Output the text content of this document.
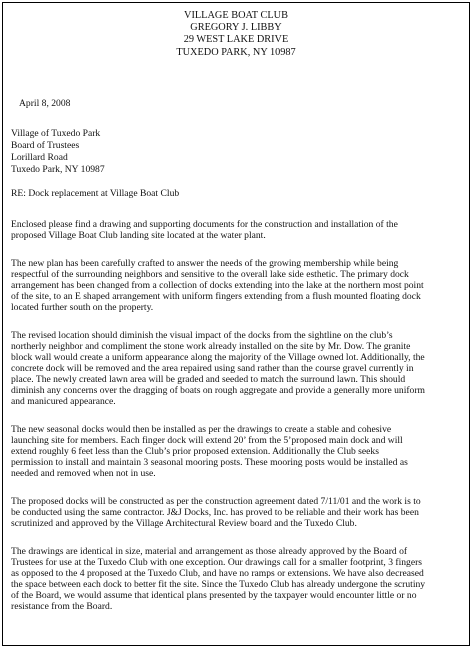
VILLAGE BOAT CLUB
GREGORY J. LIBBY
29 WEST LAKE DRIVE
TUXEDO PARK, NY 10987
April 8, 2008
Village of Tuxedo Park
Board of Trustees
Lorillard Road
Tuxedo Park, NY 10987
RE: Dock replacement at Village Boat Club
Enclosed please find a drawing and supporting documents for the construction and installation of the
proposed Village Boat Club landing site located at the water plant.
The new plan has been carefully crafted to answer the needs of the growing membership while being
respectful of the surrounding neighbors and sensitive to the overall lake side esthetic. The primary dock
arrangement has been changed from a collection of docks extending into the lake at the northern most point
of the site, to an E shaped arrangement with uniform fingers extending from a flush mounted floating dock
located further south on the property.
The revised location should diminish the visual impact of the docks from the sightline on the club’s
northerly neighbor and compliment the stone work already installed on the site by Mr. Dow. The granite
block wall would create a uniform appearance along the majority of the Village owned lot. Additionally, the
concrete dock will be removed and the area repaired using sand rather than the course gravel currently in
place. The newly created lawn area will be graded and seeded to match the surround lawn. This should
diminish any concerns over the dragging of boats on rough aggregate and provide a generally more uniform
and manicured appearance.
The new seasonal docks would then be installed as per the drawings to create a stable and cohesive
launching site for members. Each finger dock will extend 20’ from the 5’proposed main dock and will
extend roughly 6 feet less than the Club’s prior proposed extension. Additionally the Club seeks
permission to install and maintain 3 seasonal mooring posts. These mooring posts would be installed as
needed and removed when not in use.
The proposed docks will be constructed as per the construction agreement dated 7/11/01 and the work is to
be conducted using the same contractor. J&J Docks, Inc. has proved to be reliable and their work has been
scrutinized and approved by the Village Architectural Review board and the Tuxedo Club.
The drawings are identical in size, material and arrangement as those already approved by the Board of
Trustees for use at the Tuxedo Club with one exception. Our drawings call for a smaller footprint, 3 fingers
as opposed to the 4 proposed at the Tuxedo Club, and have no ramps or extensions. We have also decreased
the space between each dock to better fit the site. Since the Tuxedo Club has already undergone the scrutiny
of the Board, we would assume that identical plans presented by the taxpayer would encounter little or no
resistance from the Board.
